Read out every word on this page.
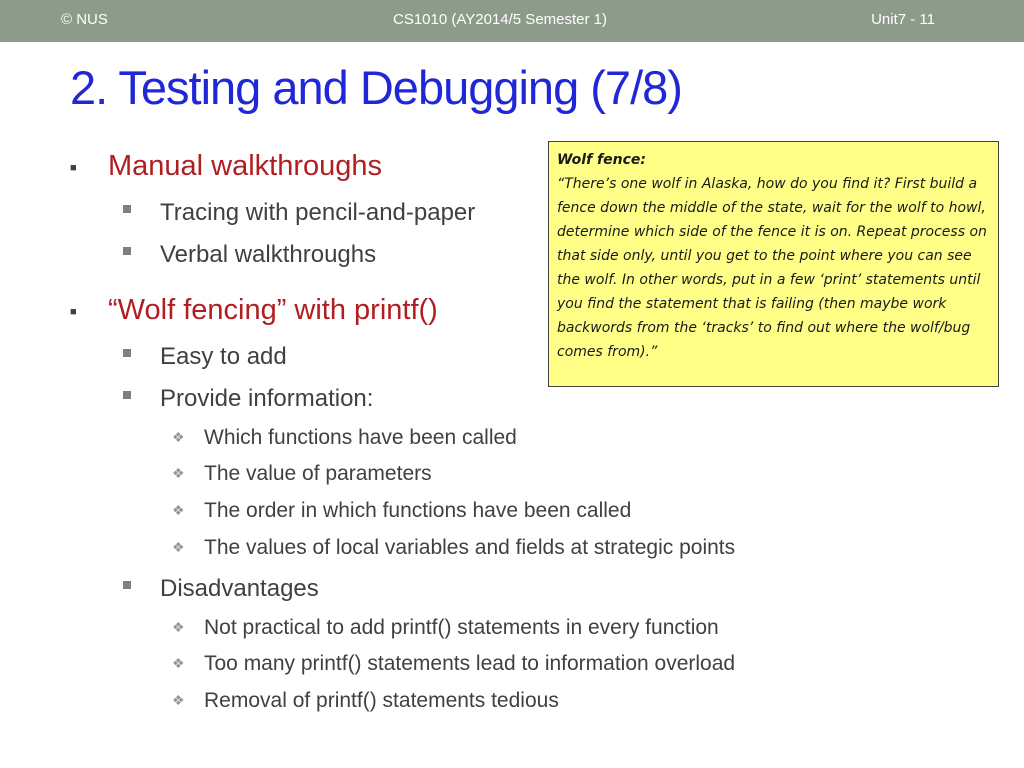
© NUS	CS1010 (AY2014/5 Semester 1)	Unit7 - 11
2. Testing and Debugging (7/8)
■ Manual walkthroughs
Tracing with pencil-and-paper
Verbal walkthroughs
■ “Wolf fencing” with printf()
Easy to add
Provide information:
❖ Which functions have been called
❖ The value of parameters
❖ The order in which functions have been called
❖ The values of local variables and fields at strategic points
Disadvantages
❖ Not practical to add printf() statements in every function
❖ Too many printf() statements lead to information overload
❖ Removal of printf() statements tedious
Wolf fence:
“There’s one wolf in Alaska, how do you find it? First build a fence down the middle of the state, wait for the wolf to howl, determine which side of the fence it is on. Repeat process on that side only, until you get to the point where you can see the wolf. In other words, put in a few ‘print’ statements until you find the statement that is failing (then maybe work backwords from the ‘tracks’ to find out where the wolf/bug comes from).”
